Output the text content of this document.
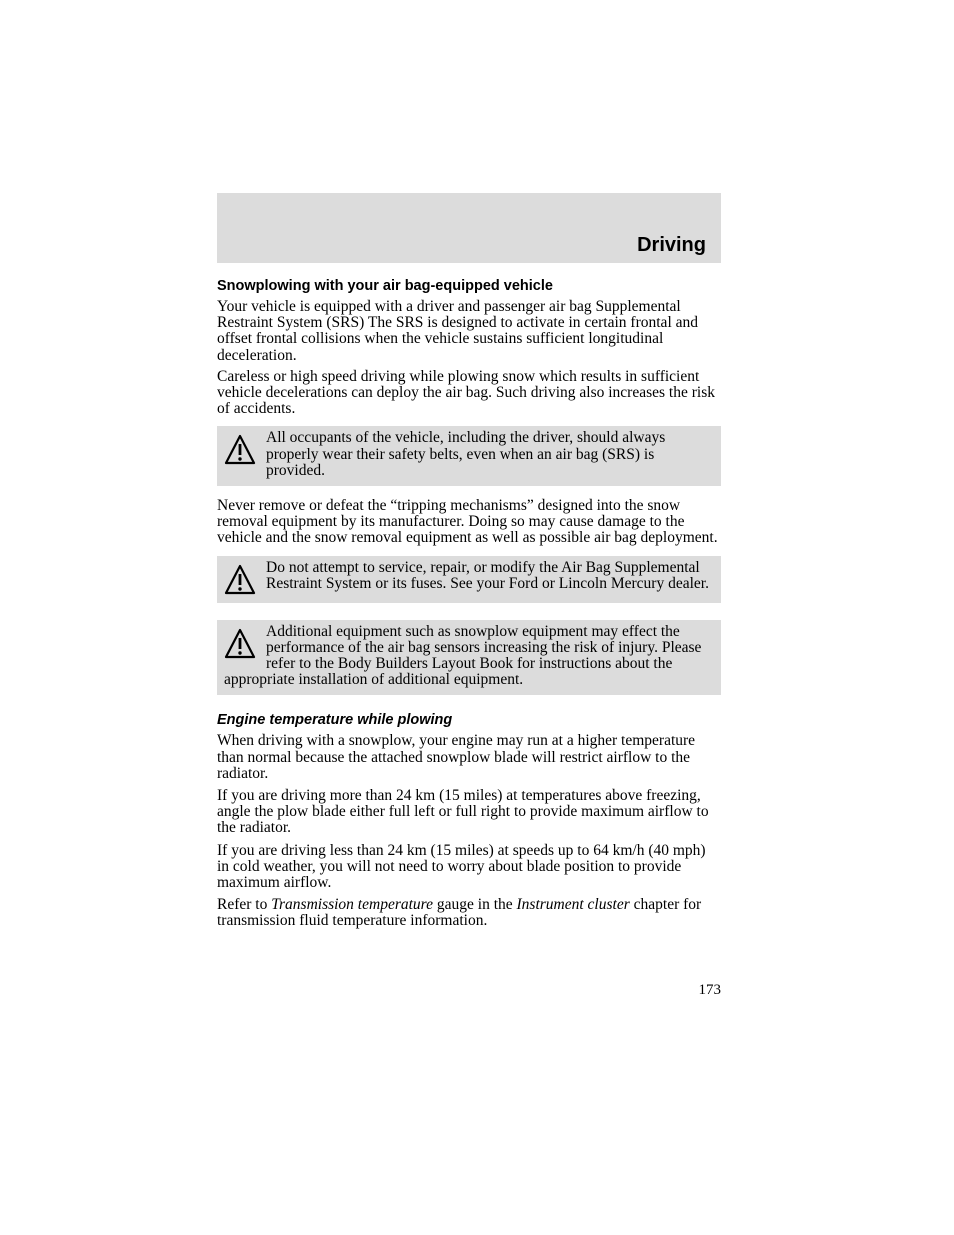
Driving
Snowplowing with your air bag-equipped vehicle

Your vehicle is equipped with a driver and passenger air bag Supplemental Restraint System (SRS) The SRS is designed to activate in certain frontal and offset frontal collisions when the vehicle sustains sufficient longitudinal deceleration.

Careless or high speed driving while plowing snow which results in sufficient vehicle decelerations can deploy the air bag. Such driving also increases the risk of accidents.

All occupants of the vehicle, including the driver, should always properly wear their safety belts, even when an air bag (SRS) is provided.

Never remove or defeat the “tripping mechanisms” designed into the snow removal equipment by its manufacturer. Doing so may cause damage to the vehicle and the snow removal equipment as well as possible air bag deployment.

Do not attempt to service, repair, or modify the Air Bag Supplemental Restraint System or its fuses. See your Ford or Lincoln Mercury dealer.
Additional equipment such as snowplow equipment may effect the performance of the air bag sensors increasing the risk of injury. Please refer to the Body Builders Layout Book for instructions about the appropriate installation of additional equipment.
Engine temperature while plowing

When driving with a snowplow, your engine may run at a higher temperature than normal because the attached snowplow blade will restrict airflow to the radiator.

If you are driving more than 24 km (15 miles) at temperatures above freezing, angle the plow blade either full left or full right to provide maximum airflow to the radiator.

If you are driving less than 24 km (15 miles) at speeds up to 64 km/h (40 mph) in cold weather, you will not need to worry about blade position to provide maximum airflow.

Refer to Transmission temperature gauge in the Instrument cluster chapter for transmission fluid temperature information.

173
